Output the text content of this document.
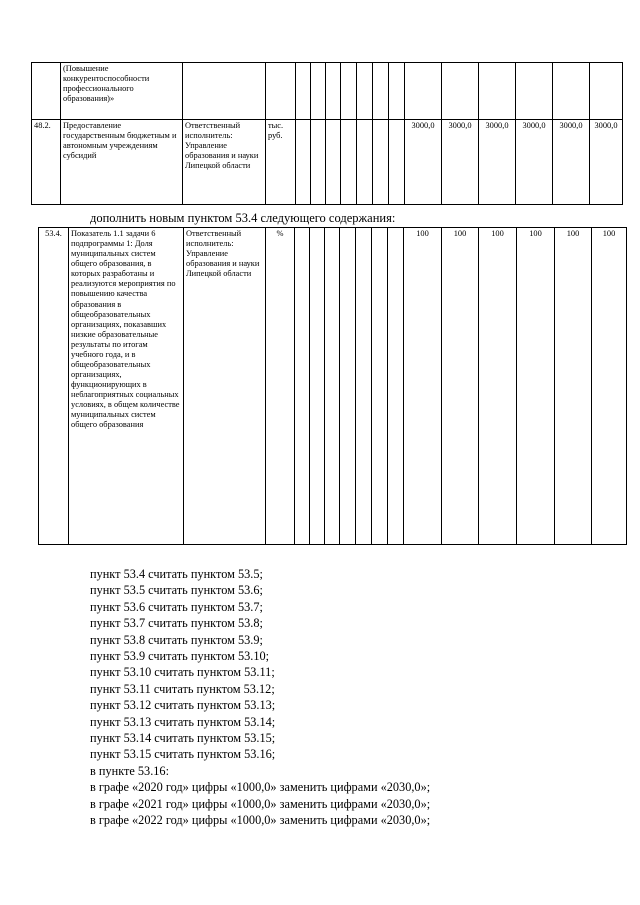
	(Повышение конкурентоспособности профессионального образования)»															
48.2.	Предоставление государственным бюджетным и автономным учреждениям субсидий	Ответственный исполнитель: Управление образования и науки Липецкой области	тыс. руб.								3000,0	3000,0	3000,0	3000,0	3000,0	3000,0
дополнить новым пунктом 53.4 следующего содержания:
53.4.	Показатель 1.1 задачи 6 подпрограммы 1: Доля муниципальных систем общего образования, в которых разработаны и реализуются мероприятия по повышению качества образования в общеобразовательных организациях, показавших низкие образовательные результаты по итогам учебного года, и в общеобразовательных организациях, функционирующих в неблагоприятных социальных условиях, в общем количестве муниципальных систем общего образования	Ответственный исполнитель: Управление образования и науки Липецкой области	%								100	100	100	100	100	100
пункт 53.4 считать пунктом 53.5;
пункт 53.5 считать пунктом 53.6;
пункт 53.6 считать пунктом 53.7;
пункт 53.7 считать пунктом 53.8;
пункт 53.8 считать пунктом 53.9;
пункт 53.9 считать пунктом 53.10;
пункт 53.10 считать пунктом 53.11;
пункт 53.11 считать пунктом 53.12;
пункт 53.12 считать пунктом 53.13;
пункт 53.13 считать пунктом 53.14;
пункт 53.14 считать пунктом 53.15;
пункт 53.15 считать пунктом 53.16;
в пункте 53.16:
в графе «2020 год» цифры «1000,0» заменить цифрами «2030,0»;
в графе «2021 год» цифры «1000,0» заменить цифрами «2030,0»;
в графе «2022 год» цифры «1000,0» заменить цифрами «2030,0»;
